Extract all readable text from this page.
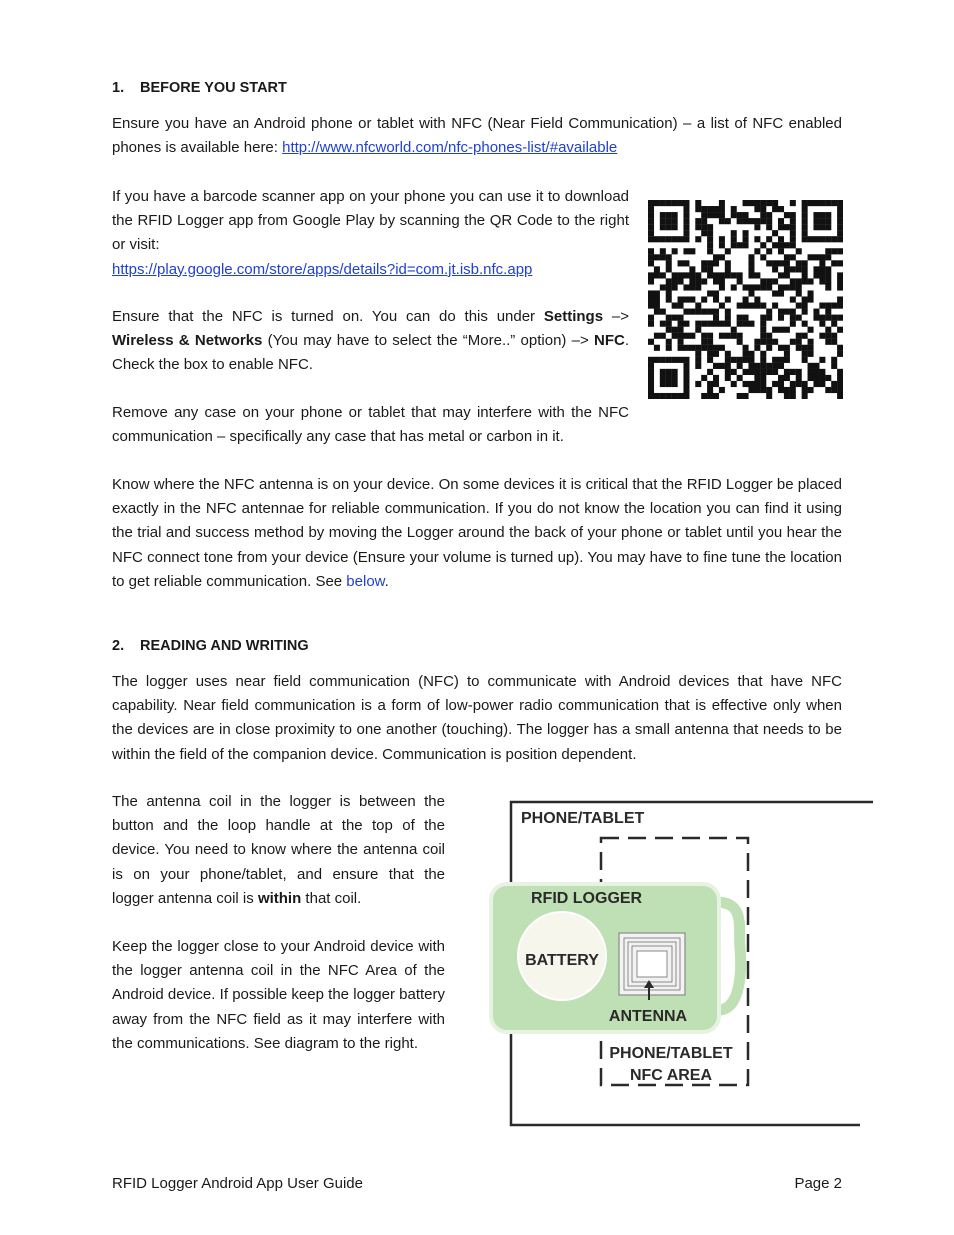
1. BEFORE YOU START

Ensure you have an Android phone or tablet with NFC (Near Field Communication) – a list of NFC enabled phones is available here: http://www.nfcworld.com/nfc-phones-list/#available

If you have a barcode scanner app on your phone you can use it to download the RFID Logger app from Google Play by scanning the QR Code to the right or visit:
https://play.google.com/store/apps/details?id=com.jt.isb.nfc.app

Ensure that the NFC is turned on. You can do this under Settings –> Wireless & Networks (You may have to select the “More..” option) –> NFC. Check the box to enable NFC.

Remove any case on your phone or tablet that may interfere with the NFC communication – specifically any case that has metal or carbon in it.

Know where the NFC antenna is on your device. On some devices it is critical that the RFID Logger be placed exactly in the NFC antennae for reliable communication. If you do not know the location you can find it using the trial and success method by moving the Logger around the back of your phone or tablet until you hear the NFC connect tone from your device (Ensure your volume is turned up). You may have to fine tune the location to get reliable communication. See below.

2. READING AND WRITING

The logger uses near field communication (NFC) to communicate with Android devices that have NFC capability. Near field communication is a form of low-power radio communication that is effective only when the devices are in close proximity to one another (touching). The logger has a small antenna that needs to be within the field of the companion device. Communication is position dependent.

The antenna coil in the logger is between the button and the loop handle at the top of the device. You need to know where the antenna coil is on your phone/tablet, and ensure that the logger antenna coil is within that coil.

Keep the logger close to your Android device with the logger antenna coil in the NFC Area of the Android device. If possible keep the logger battery away from the NFC field as it may interfere with the communications. See diagram to the right.

PHONE/TABLET
RFID LOGGER
BATTERY
ANTENNA
PHONE/TABLET
NFC AREA
RFID Logger Android App User Guide	Page 2
